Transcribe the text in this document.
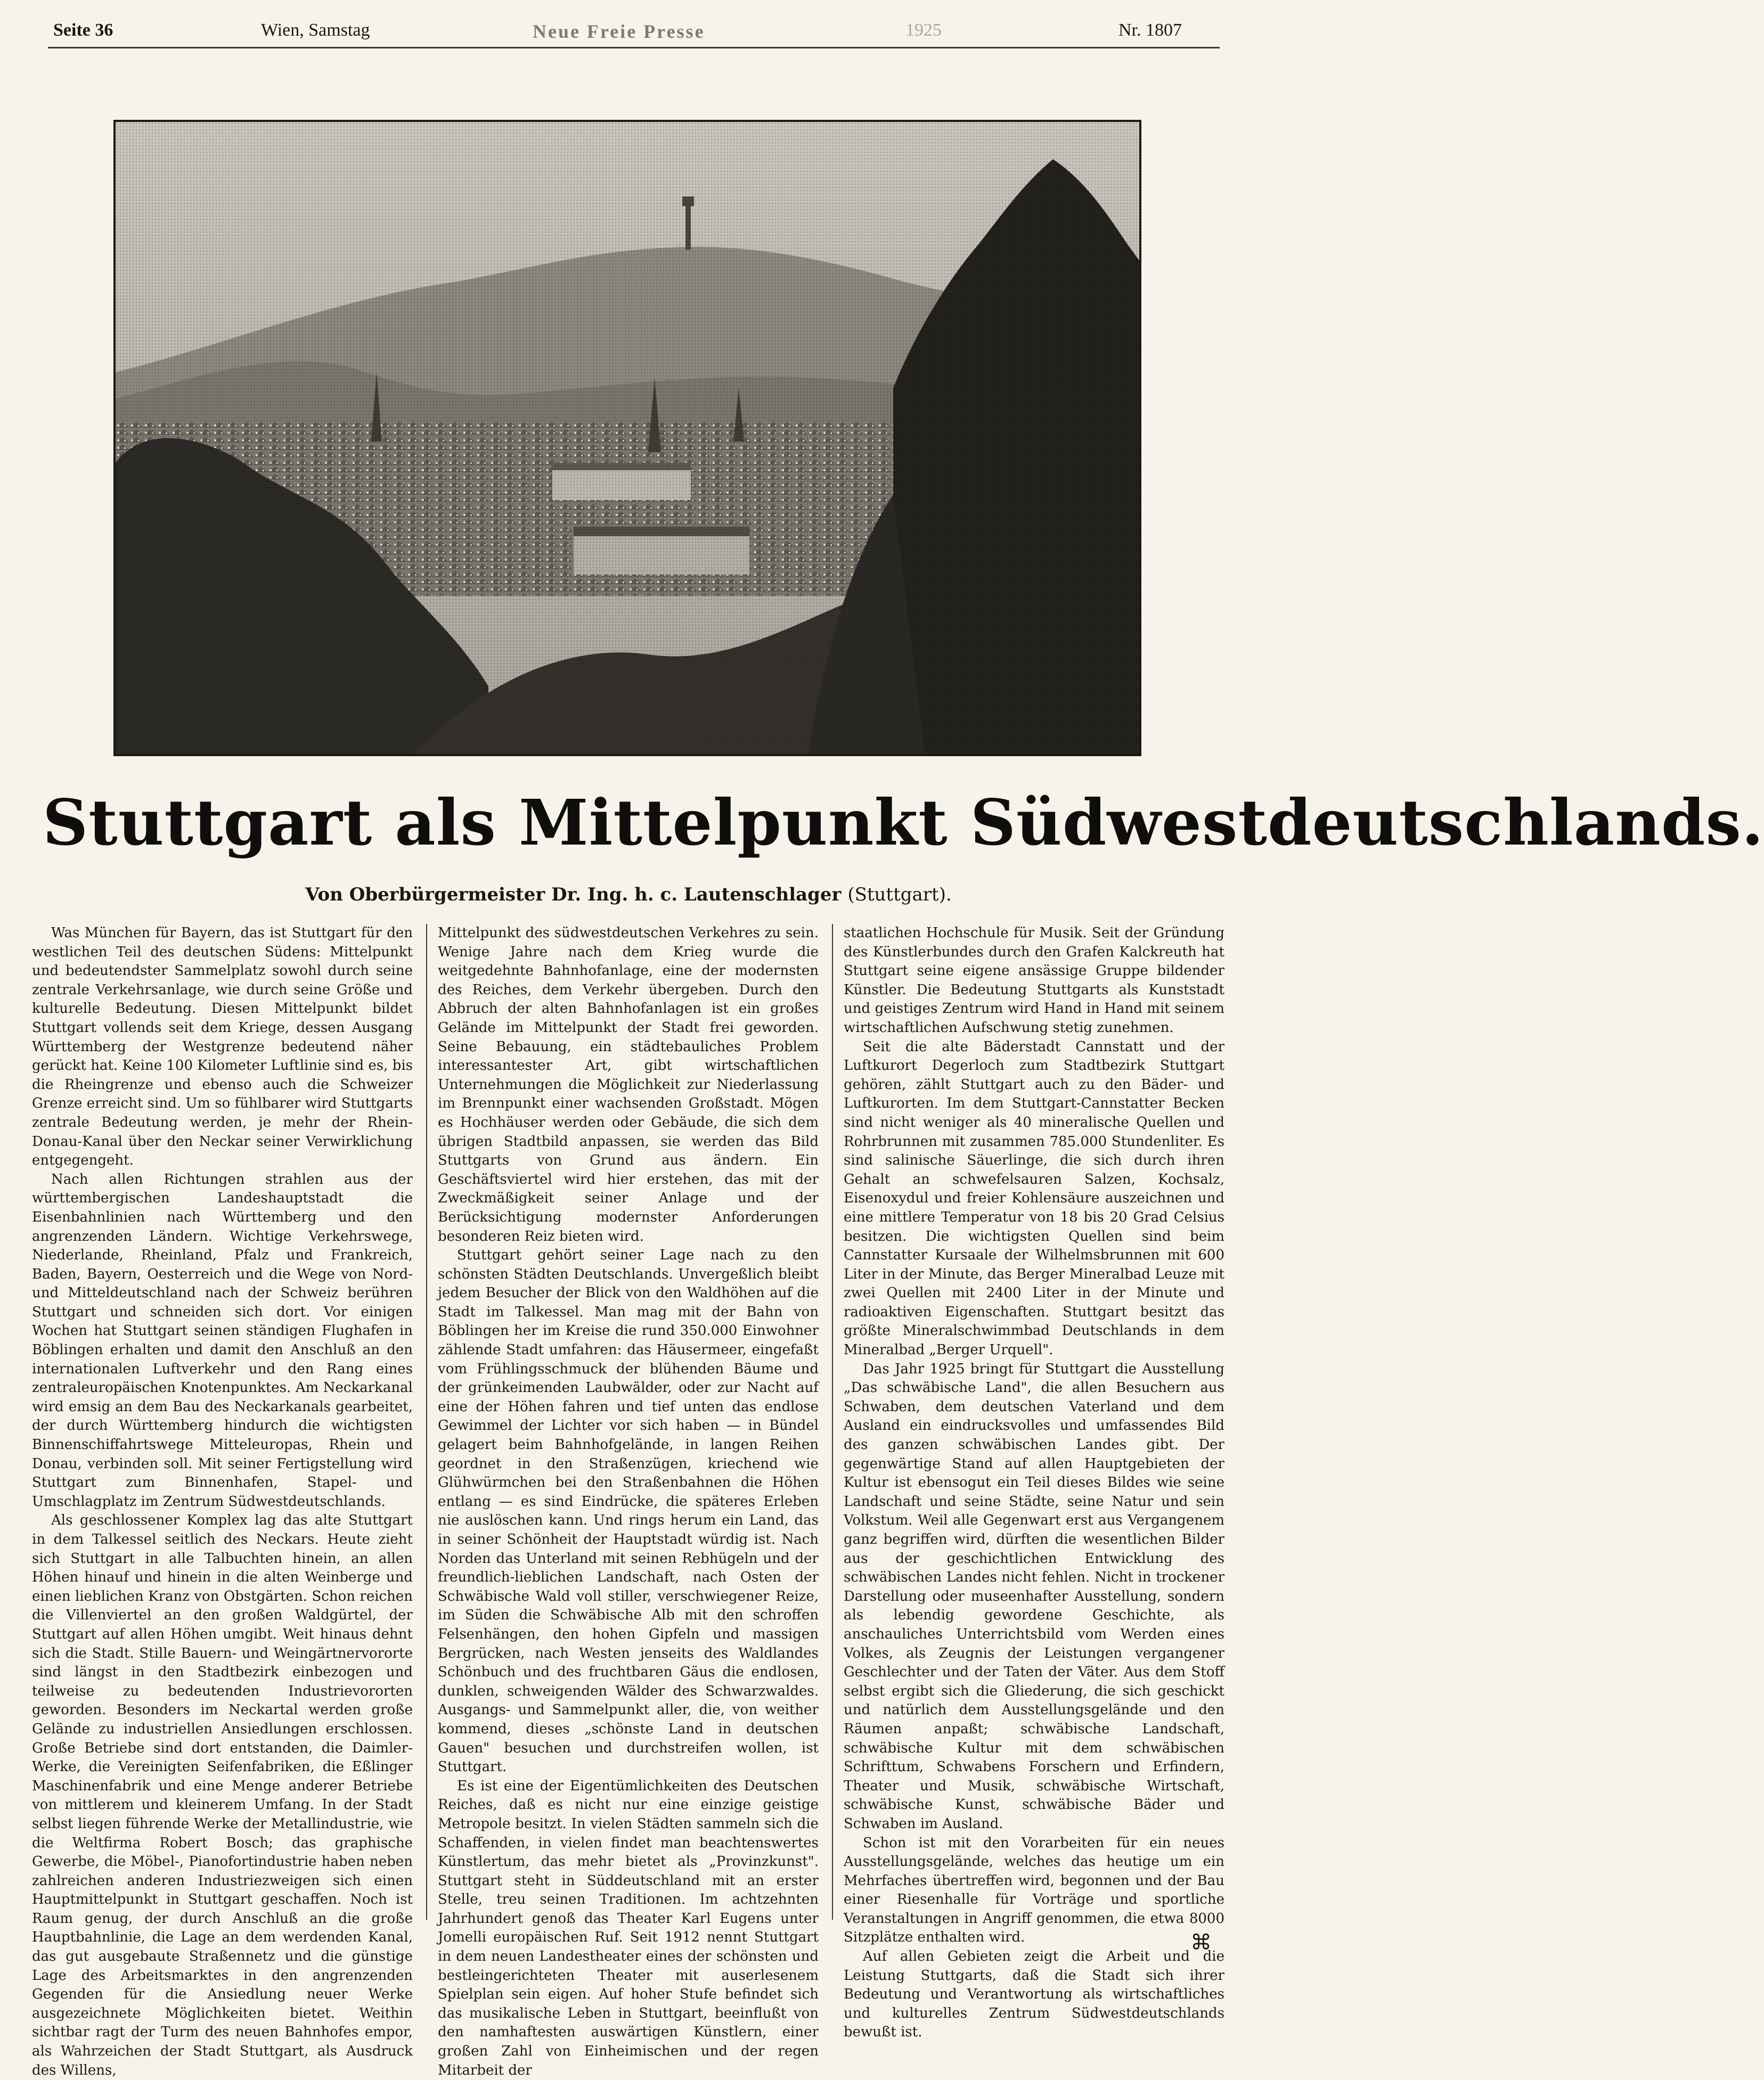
Seite 36	Wien, Samstag	Neue Freie Presse	1925	Nr. 1807
Stuttgart als Mittelpunkt Südwestdeutschlands.
Von Oberbürgermeister Dr. Ing. h. c. Lautenschlager (Stuttgart).

Was München für Bayern, das ist Stuttgart für den westlichen Teil des deutschen Südens: Mittelpunkt und bedeutendster Sammelplatz sowohl durch seine zentrale Verkehrsanlage, wie durch seine Größe und kulturelle Bedeutung. Diesen Mittelpunkt bildet Stuttgart vollends seit dem Kriege, dessen Ausgang Württemberg der Westgrenze bedeutend näher gerückt hat. Keine 100 Kilometer Luftlinie sind es, bis die Rheingrenze und ebenso auch die Schweizer Grenze erreicht sind. Um so fühlbarer wird Stuttgarts zentrale Bedeutung werden, je mehr der Rhein-Donau-Kanal über den Neckar seiner Verwirklichung entgegengeht.

Nach allen Richtungen strahlen aus der württembergischen Landeshauptstadt die Eisenbahnlinien nach Württemberg und den angrenzenden Ländern. Wichtige Verkehrswege, Niederlande, Rheinland, Pfalz und Frankreich, Baden, Bayern, Oesterreich und die Wege von Nord- und Mitteldeutschland nach der Schweiz berühren Stuttgart und schneiden sich dort. Vor einigen Wochen hat Stuttgart seinen ständigen Flughafen in Böblingen erhalten und damit den Anschluß an den internationalen Luftverkehr und den Rang eines zentraleuropäischen Knotenpunktes. Am Neckarkanal wird emsig an dem Bau des Neckarkanals gearbeitet, der durch Württemberg hindurch die wichtigsten Binnenschiffahrtswege Mitteleuropas, Rhein und Donau, verbinden soll. Mit seiner Fertigstellung wird Stuttgart zum Binnenhafen, Stapel- und Umschlagplatz im Zentrum Südwestdeutschlands.

Als geschlossener Komplex lag das alte Stuttgart in dem Talkessel seitlich des Neckars. Heute zieht sich Stuttgart in alle Talbuchten hinein, an allen Höhen hinauf und hinein in die alten Weinberge und einen lieblichen Kranz von Obstgärten. Schon reichen die Villenviertel an den großen Waldgürtel, der Stuttgart auf allen Höhen umgibt. Weit hinaus dehnt sich die Stadt. Stille Bauern- und Weingärtnervororte sind längst in den Stadtbezirk einbezogen und teilweise zu bedeutenden Industrievororten geworden. Besonders im Neckartal werden große Gelände zu industriellen Ansiedlungen erschlossen. Große Betriebe sind dort entstanden, die Daimler-Werke, die Vereinigten Seifenfabriken, die Eßlinger Maschinenfabrik und eine Menge anderer Betriebe von mittlerem und kleinerem Umfang. In der Stadt selbst liegen führende Werke der Metallindustrie, wie die Weltfirma Robert Bosch; das graphische Gewerbe, die Möbel-, Pianofortindustrie haben neben zahlreichen anderen Industriezweigen sich einen Hauptmittelpunkt in Stuttgart geschaffen. Noch ist Raum genug, der durch Anschluß an die große Hauptbahnlinie, die Lage an dem werdenden Kanal, das gut ausgebaute Straßennetz und die günstige Lage des Arbeitsmarktes in den angrenzenden Gegenden für die Ansiedlung neuer Werke ausgezeichnete Möglichkeiten bietet. Weithin sichtbar ragt der Turm des neuen Bahnhofes empor, als Wahrzeichen der Stadt Stuttgart, als Ausdruck des Willens,

Mittelpunkt des südwestdeutschen Verkehres zu sein. Wenige Jahre nach dem Krieg wurde die weitgedehnte Bahnhofanlage, eine der modernsten des Reiches, dem Verkehr übergeben. Durch den Abbruch der alten Bahnhofanlagen ist ein großes Gelände im Mittelpunkt der Stadt frei geworden. Seine Bebauung, ein städtebauliches Problem interessantester Art, gibt wirtschaftlichen Unternehmungen die Möglichkeit zur Niederlassung im Brennpunkt einer wachsenden Großstadt. Mögen es Hochhäuser werden oder Gebäude, die sich dem übrigen Stadtbild anpassen, sie werden das Bild Stuttgarts von Grund aus ändern. Ein Geschäftsviertel wird hier erstehen, das mit der Zweckmäßigkeit seiner Anlage und der Berücksichtigung modernster Anforderungen besonderen Reiz bieten wird.

Stuttgart gehört seiner Lage nach zu den schönsten Städten Deutschlands. Unvergeßlich bleibt jedem Besucher der Blick von den Waldhöhen auf die Stadt im Talkessel. Man mag mit der Bahn von Böblingen her im Kreise die rund 350.000 Einwohner zählende Stadt umfahren: das Häusermeer, eingefaßt vom Frühlingsschmuck der blühenden Bäume und der grünkeimenden Laubwälder, oder zur Nacht auf eine der Höhen fahren und tief unten das endlose Gewimmel der Lichter vor sich haben — in Bündel gelagert beim Bahnhofgelände, in langen Reihen geordnet in den Straßenzügen, kriechend wie Glühwürmchen bei den Straßenbahnen die Höhen entlang — es sind Eindrücke, die späteres Erleben nie auslöschen kann. Und rings herum ein Land, das in seiner Schönheit der Hauptstadt würdig ist. Nach Norden das Unterland mit seinen Rebhügeln und der freundlich-lieblichen Landschaft, nach Osten der Schwäbische Wald voll stiller, verschwiegener Reize, im Süden die Schwäbische Alb mit den schroffen Felsenhängen, den hohen Gipfeln und massigen Bergrücken, nach Westen jenseits des Waldlandes Schönbuch und des fruchtbaren Gäus die endlosen, dunklen, schweigenden Wälder des Schwarzwaldes. Ausgangs- und Sammelpunkt aller, die, von weither kommend, dieses „schönste Land in deutschen Gauen" besuchen und durchstreifen wollen, ist Stuttgart.

Es ist eine der Eigentümlichkeiten des Deutschen Reiches, daß es nicht nur eine einzige geistige Metropole besitzt. In vielen Städten sammeln sich die Schaffenden, in vielen findet man beachtenswertes Künstlertum, das mehr bietet als „Provinzkunst". Stuttgart steht in Süddeutschland mit an erster Stelle, treu seinen Traditionen. Im achtzehnten Jahrhundert genoß das Theater Karl Eugens unter Jomelli europäischen Ruf. Seit 1912 nennt Stuttgart in dem neuen Landestheater eines der schönsten und bestleingerichteten Theater mit auserlesenem Spielplan sein eigen. Auf hoher Stufe befindet sich das musikalische Leben in Stuttgart, beeinflußt von den namhaftesten auswärtigen Künstlern, einer großen Zahl von Einheimischen und der regen Mitarbeit der

staatlichen Hochschule für Musik. Seit der Gründung des Künstlerbundes durch den Grafen Kalckreuth hat Stuttgart seine eigene ansässige Gruppe bildender Künstler. Die Bedeutung Stuttgarts als Kunststadt und geistiges Zentrum wird Hand in Hand mit seinem wirtschaftlichen Aufschwung stetig zunehmen.

Seit die alte Bäderstadt Cannstatt und der Luftkurort Degerloch zum Stadtbezirk Stuttgart gehören, zählt Stuttgart auch zu den Bäder- und Luftkurorten. Im dem Stuttgart-Cannstatter Becken sind nicht weniger als 40 mineralische Quellen und Rohrbrunnen mit zusammen 785.000 Stundenliter. Es sind salinische Säuerlinge, die sich durch ihren Gehalt an schwefelsauren Salzen, Kochsalz, Eisenoxydul und freier Kohlensäure auszeichnen und eine mittlere Temperatur von 18 bis 20 Grad Celsius besitzen. Die wichtigsten Quellen sind beim Cannstatter Kursaale der Wilhelmsbrunnen mit 600 Liter in der Minute, das Berger Mineralbad Leuze mit zwei Quellen mit 2400 Liter in der Minute und radioaktiven Eigenschaften. Stuttgart besitzt das größte Mineralschwimmbad Deutschlands in dem Mineralbad „Berger Urquell".

Das Jahr 1925 bringt für Stuttgart die Ausstellung „Das schwäbische Land", die allen Besuchern aus Schwaben, dem deutschen Vaterland und dem Ausland ein eindrucksvolles und umfassendes Bild des ganzen schwäbischen Landes gibt. Der gegenwärtige Stand auf allen Hauptgebieten der Kultur ist ebensogut ein Teil dieses Bildes wie seine Landschaft und seine Städte, seine Natur und sein Volkstum. Weil alle Gegenwart erst aus Vergangenem ganz begriffen wird, dürften die wesentlichen Bilder aus der geschichtlichen Entwicklung des schwäbischen Landes nicht fehlen. Nicht in trockener Darstellung oder museenhafter Ausstellung, sondern als lebendig gewordene Geschichte, als anschauliches Unterrichtsbild vom Werden eines Volkes, als Zeugnis der Leistungen vergangener Geschlechter und der Taten der Väter. Aus dem Stoff selbst ergibt sich die Gliederung, die sich geschickt und natürlich dem Ausstellungsgelände und den Räumen anpaßt; schwäbische Landschaft, schwäbische Kultur mit dem schwäbischen Schrifttum, Schwabens Forschern und Erfindern, Theater und Musik, schwäbische Wirtschaft, schwäbische Kunst, schwäbische Bäder und Schwaben im Ausland.

Schon ist mit den Vorarbeiten für ein neues Ausstellungsgelände, welches das heutige um ein Mehrfaches übertreffen wird, begonnen und der Bau einer Riesenhalle für Vorträge und sportliche Veranstaltungen in Angriff genommen, die etwa 8000 Sitzplätze enthalten wird.

Auf allen Gebieten zeigt die Arbeit und die Leistung Stuttgarts, daß die Stadt sich ihrer Bedeutung und Verantwortung als wirtschaftliches und kulturelles Zentrum Südwestdeutschlands bewußt ist.

⌘
